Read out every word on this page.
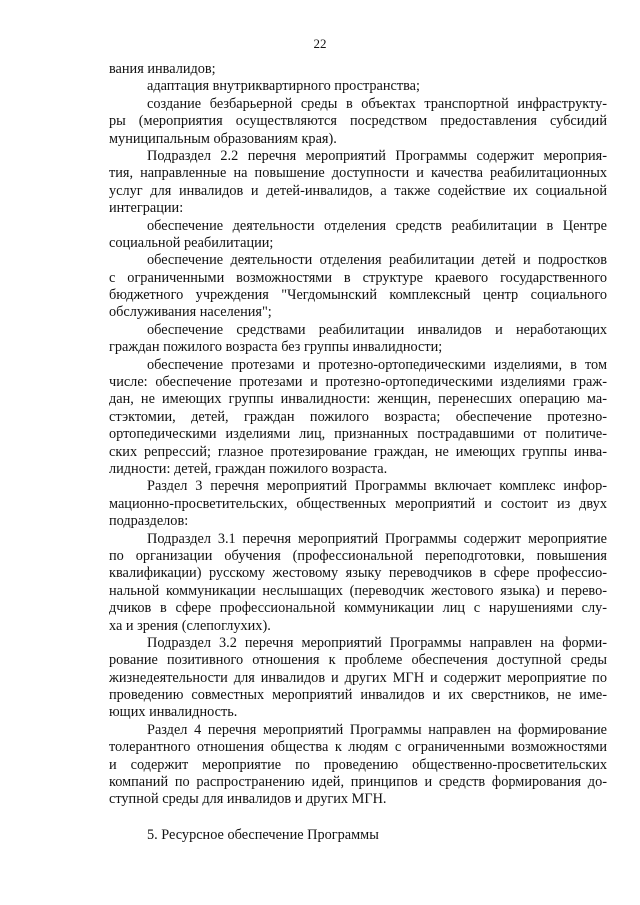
22
вания инвалидов;
адаптация внутриквартирного пространства;
создание безбарьерной среды в объектах транспортной инфраструкту-
ры (мероприятия осуществляются посредством предоставления субсидий
муниципальным образованиям края).
Подраздел 2.2 перечня мероприятий Программы содержит мероприя-
тия, направленные на повышение доступности и качества реабилитационных
услуг для инвалидов и детей-инвалидов, а также содействие их социальной
интеграции:
обеспечение деятельности отделения средств реабилитации в Центре
социальной реабилитации;
обеспечение деятельности отделения реабилитации детей и подростков
с ограниченными возможностями в структуре краевого государственного
бюджетного учреждения "Чегдомынский комплексный центр социального
обслуживания населения";
обеспечение средствами реабилитации инвалидов и неработающих
граждан пожилого возраста без группы инвалидности;
обеспечение протезами и протезно-ортопедическими изделиями, в том
числе: обеспечение протезами и протезно-ортопедическими изделиями граж-
дан, не имеющих группы инвалидности: женщин, перенесших операцию ма-
стэктомии, детей, граждан пожилого возраста; обеспечение протезно-
ортопедическими изделиями лиц, признанных пострадавшими от политиче-
ских репрессий; глазное протезирование граждан, не имеющих группы инва-
лидности: детей, граждан пожилого возраста.
Раздел 3 перечня мероприятий Программы включает комплекс инфор-
мационно-просветительских, общественных мероприятий и состоит из двух
подразделов:
Подраздел 3.1 перечня мероприятий Программы содержит мероприятие
по организации обучения (профессиональной переподготовки, повышения
квалификации) русскому жестовому языку переводчиков в сфере профессио-
нальной коммуникации неслышащих (переводчик жестового языка) и перево-
дчиков в сфере профессиональной коммуникации лиц с нарушениями слу-
ха и зрения (слепоглухих).
Подраздел 3.2 перечня мероприятий Программы направлен на форми-
рование позитивного отношения к проблеме обеспечения доступной среды
жизнедеятельности для инвалидов и других МГН и содержит мероприятие по
проведению совместных мероприятий инвалидов и их сверстников, не име-
ющих инвалидность.
Раздел 4 перечня мероприятий Программы направлен на формирование
толерантного отношения общества к людям с ограниченными возможностями
и содержит мероприятие по проведению общественно-просветительских
компаний по распространению идей, принципов и средств формирования до-
ступной среды для инвалидов и других МГН.
5. Ресурсное обеспечение Программы
